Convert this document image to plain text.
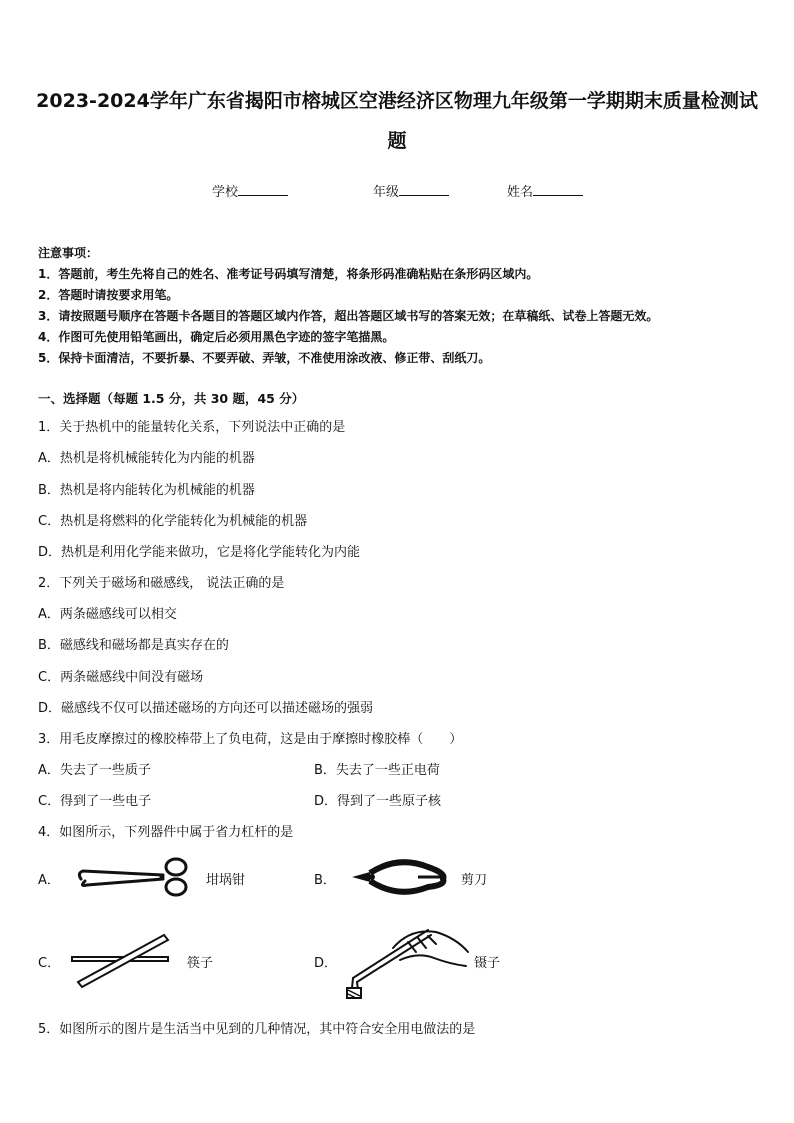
2023-2024学年广东省揭阳市榕城区空港经济区物理九年级第一学期期末质量检测试
题
学校	年级	姓名
注意事项：
1．答题前，考生先将自己的姓名、准考证号码填写清楚，将条形码准确粘贴在条形码区域内。
2．答题时请按要求用笔。
3．请按照题号顺序在答题卡各题目的答题区域内作答，超出答题区域书写的答案无效；在草稿纸、试卷上答题无效。
4．作图可先使用铅笔画出，确定后必须用黑色字迹的签字笔描黑。
5．保持卡面清洁，不要折暴、不要弄破、弄皱，不准使用涂改液、修正带、刮纸刀。
一、选择题（每题 1.5 分，共 30 题，45 分）
1．关于热机中的能量转化关系，下列说法中正确的是
A．热机是将机械能转化为内能的机器
B．热机是将内能转化为机械能的机器
C．热机是将燃料的化学能转化为机械能的机器
D．热机是利用化学能来做功，它是将化学能转化为内能
2．下列关于磁场和磁感线， 说法正确的是
A．两条磁感线可以相交
B．磁感线和磁场都是真实存在的
C．两条磁感线中间没有磁场
D．磁感线不仅可以描述磁场的方向还可以描述磁场的强弱
3．用毛皮摩擦过的橡胶棒带上了负电荷，这是由于摩擦时橡胶棒（　　）
A．失去了一些质子	B．失去了一些正电荷
C．得到了一些电子	D．得到了一些原子核
4．如图所示，下列器件中属于省力杠杆的是
A．	坩埚钳	B．	剪刀
C．	筷子	D．	镊子
5．如图所示的图片是生活当中见到的几种情况，其中符合安全用电做法的是
